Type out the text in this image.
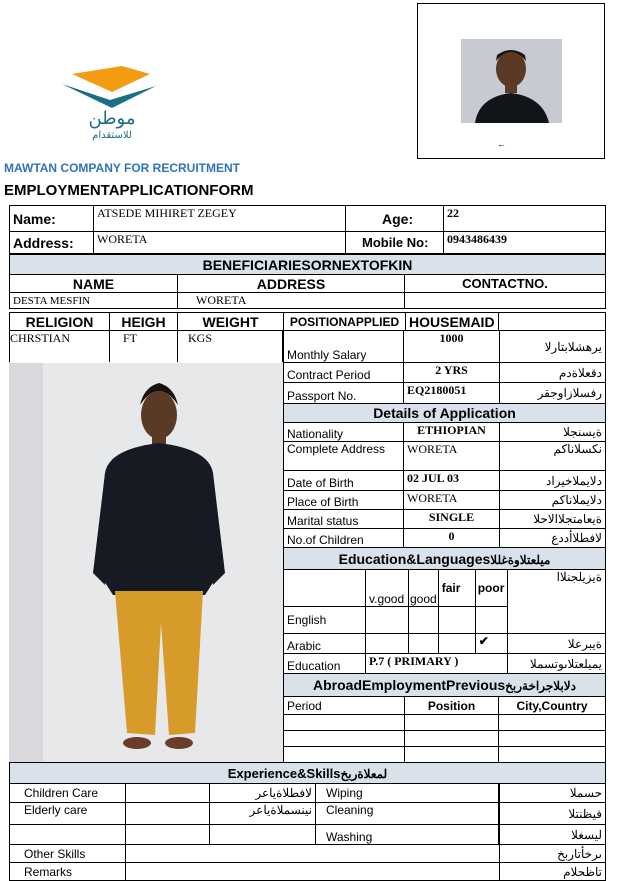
موطن
للاستقدام
MAWTAN COMPANY FOR RECRUITMENT
EMPLOYMENTAPPLICATIONFORM
←
Name:	ATSEDE MIHIRET ZEGEY	Age:	22
Address:	WORETA	Mobile No:	0943486439
BENEFICIARIESORNEXTOFKIN		
NAME	ADDRESS	CONTACTNO.
DESTA MESFIN	WORETA	
RELIGION	HEIGH	WEIGHT	POSITIONAPPLIED	HOUSEMAID	
CHRSTIAN	FT	KGS
Monthly Salary	1000	يرهشلابتارلا
Contract Period	2 YRS	دقعلاةدم
Passport No.	EQ2180051	رفسلازاوجقر
Details of Application		
Nationality	ETHIOPIAN	ةيسنجلا
Complete Address	WORETA	نكسلاناكم
Date of Birth	02 JUL 03	دلايملاخيراد
Place of Birth	WORETA	دلايملاناكم
Marital status	SINGLE	ةيعامتجلاالاحلا
No.of Children	0	لافطلاأددع
Education&Languagesميلعتلاوةغللا					
	v.good	good	fair	poor	ةيزيلجنلاا
English					
Arabic				✔	ةيبرعلا
Education	P.7 ( PRIMARY )				يميلعتلاىوتسملا
AbroadEmploymentPreviousدلابلاجراخةربخ		
Period	Position	City,Country

Experience&Skillsلمعلاةربخ				
Children Care		لافطلاةياعر	Wiping		حسملا
Elderly care		نينسملاةياعر	Cleaning		فيظنتلا
			Washing		ليسغلا
Other Skills				ىرخأتاربخ
Remarks				تاظحلام
